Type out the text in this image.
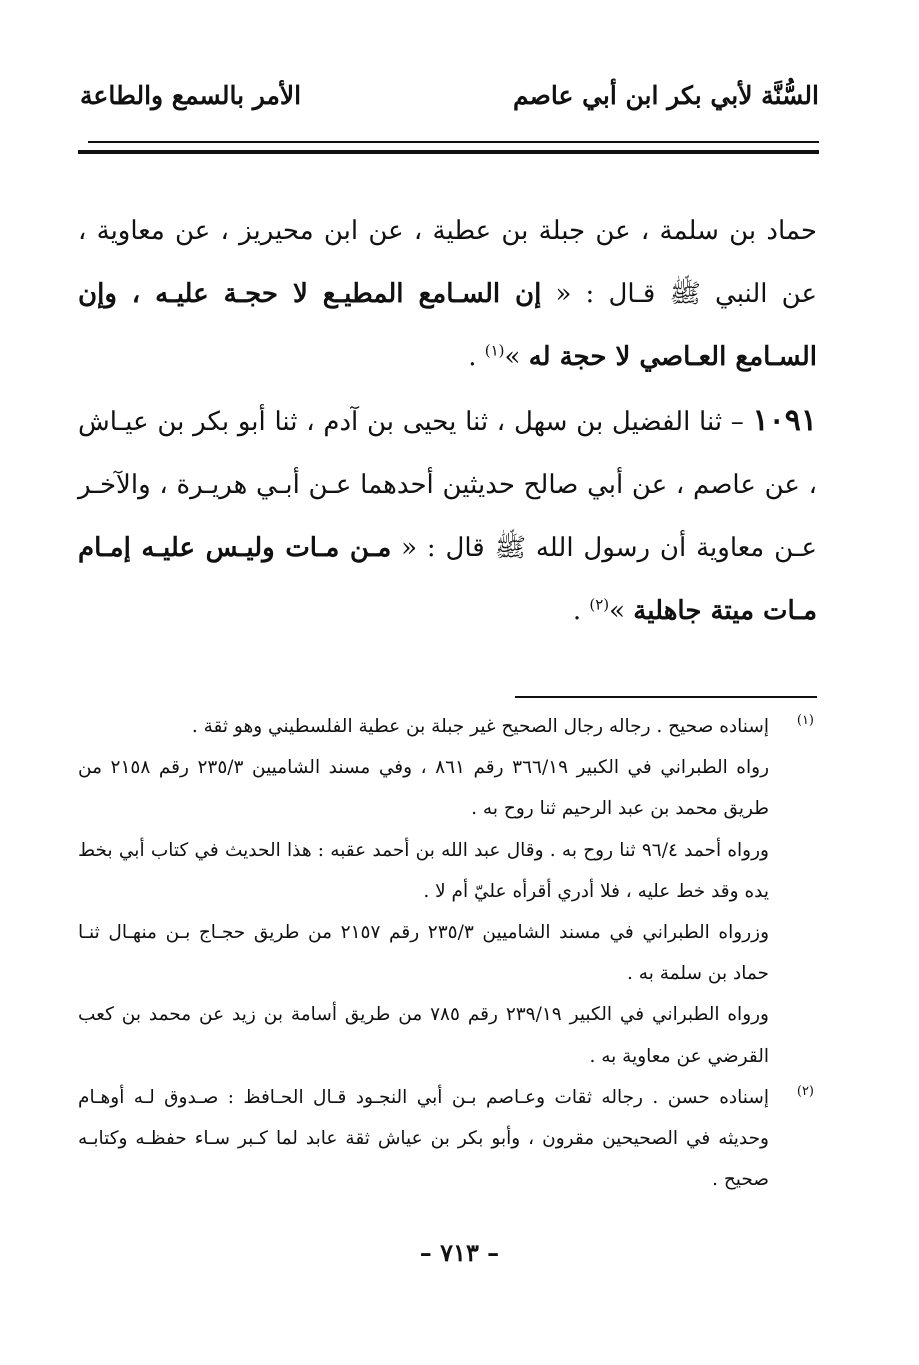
السُّنَّة لأبي بكر ابن أبي عاصم
الأمر بالسمع والطاعة

حماد بن سلمة ، عن جبلة بن عطية ، عن ابن محيريز ، عن معاوية ، عن النبي ﷺ قـال : « إن السـامع المطيـع لا حجـة عليـه ، وإن السـامع العـاصي لا حجة له »$^{(١)}$ .

١٠٩١ – ثنا الفضيل بن سهل ، ثنا يحيى بن آدم ، ثنا أبو بكر بن عيـاش ، عن عاصم ، عن أبي صالح حديثين أحدهما عـن أبـي هريـرة ، والآخـر عـن معاوية أن رسول الله ﷺ قال : « مـن مـات وليـس عليـه إمـام مـات ميتة جاهلية »$^{(٢)}$ .

(١)

إسناده صحيح . رجاله رجال الصحيح غير جبلة بن عطية الفلسطيني وهو ثقة .

رواه الطبراني في الكبير ٣٦٦/١٩ رقم ٨٦١ ، وفي مسند الشاميين ٢٣٥/٣ رقم ٢١٥٨ من طريق محمد بن عبد الرحيم ثنا روح به .

ورواه أحمد ٩٦/٤ ثنا روح به . وقال عبد الله بن أحمد عقبه : هذا الحديث في كتاب أبي بخط يده وقد خط عليه ، فلا أدري أقرأه عليّ أم لا .

وزرواه الطبراني في مسند الشاميين ٢٣٥/٣ رقم ٢١٥٧ من طريق حجـاج بـن منهـال ثنـا حماد بن سلمة به .

ورواه الطبراني في الكبير ٢٣٩/١٩ رقم ٧٨٥ من طريق أسامة بن زيد عن محمد بن كعب القرضي عن معاوية به .

(٢)

إسناده حسن . رجاله ثقات وعـاصم بـن أبي النجـود قـال الحـافظ : صـدوق لـه أوهـام وحديثه في الصحيحين مقرون ، وأبو بكر بن عياش ثقة عابد لما كـبر سـاء حفظـه وكتابـه صحيح .

– ٧١٣ –
